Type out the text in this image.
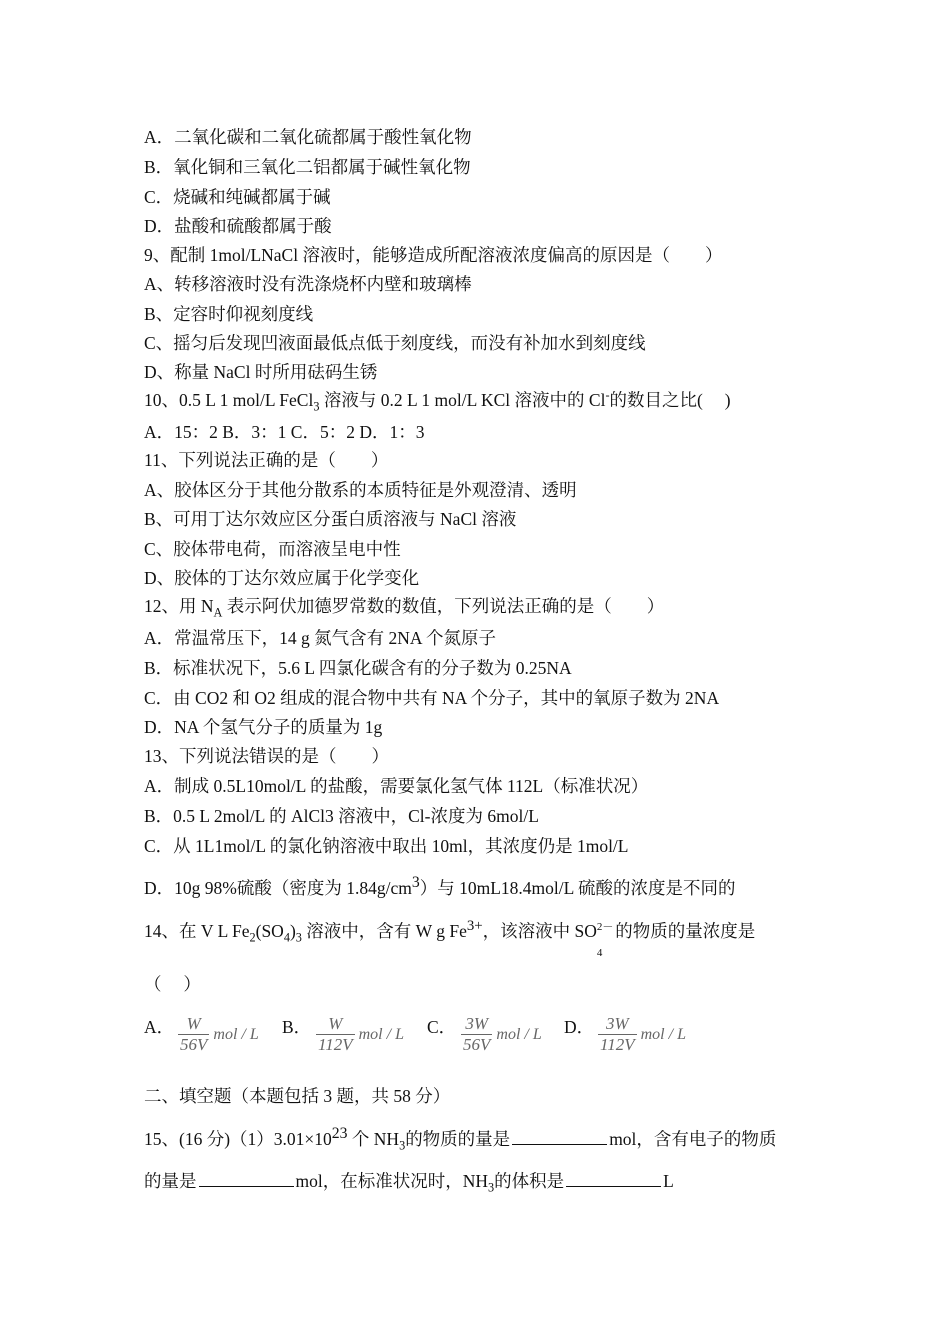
A．二氧化碳和二氧化硫都属于酸性氧化物
B．氧化铜和三氧化二铝都属于碱性氧化物
C．烧碱和纯碱都属于碱
D．盐酸和硫酸都属于酸
9、配制 1mol/LNaCl 溶液时，能够造成所配溶液浓度偏高的原因是（　　）
A、转移溶液时没有洗涤烧杯内壁和玻璃棒
B、定容时仰视刻度线
C、摇匀后发现凹液面最低点低于刻度线，而没有补加水到刻度线
D、称量 NaCl 时所用砝码生锈
10、0.5 L 1 mol/L FeCl$_3$ 溶液与 0.2 L 1 mol/L KCl 溶液中的 Cl-的数目之比(　 )
A．15：2 B．3：1 C．5：2 D．1：3
11、下列说法正确的是（　　）
A、胶体区分于其他分散系的本质特征是外观澄清、透明
B、可用丁达尔效应区分蛋白质溶液与 NaCl 溶液
C、胶体带电荷，而溶液呈电中性
D、胶体的丁达尔效应属于化学变化
12、用 $N_A$ 表示阿伏加德罗常数的数值，下列说法正确的是（　　）
A．常温常压下，14 g 氮气含有 2NA 个氮原子
B．标准状况下，5.6 L 四氯化碳含有的分子数为 0.25NA
C．由 CO2 和 O2 组成的混合物中共有 NA 个分子，其中的氧原子数为 2NA
D．NA 个氢气分子的质量为 1g
13、下列说法错误的是（　　）
A．制成 0.5L10mol/L 的盐酸，需要氯化氢气体 112L（标准状况）
B．0.5 L 2mol/L 的 AlCl3 溶液中，Cl-浓度为 6mol/L
C．从 1L1mol/L 的氯化钠溶液中取出 10ml，其浓度仍是 1mol/L
D．10g 98%硫酸（密度为 $1.84g/cm^3$）与 10mL18.4mol/L 硫酸的浓度是不同的
14、在 V L $Fe_2(SO_4)_3$ 溶液中，含有 W g $Fe^{3+}$，该溶液中 SO 2－
4
的物质的量浓度是
（　 ）
A． $\frac{W}{56V}$ mol / L B． $\frac{W}{112V}$ mol / L C． $\frac{3W}{56V}$ mol / L D． $\frac{3W}{112V}$ mol / L
二、填空题（本题包括 3 题，共 58 分）
15、(16 分)$(1)3.01\times 10^{23}$ 个 $NH_3$的物质的量是	mol，含有电子的物质
的量是	mol，在标准状况时，$NH_3$的体积是	L
